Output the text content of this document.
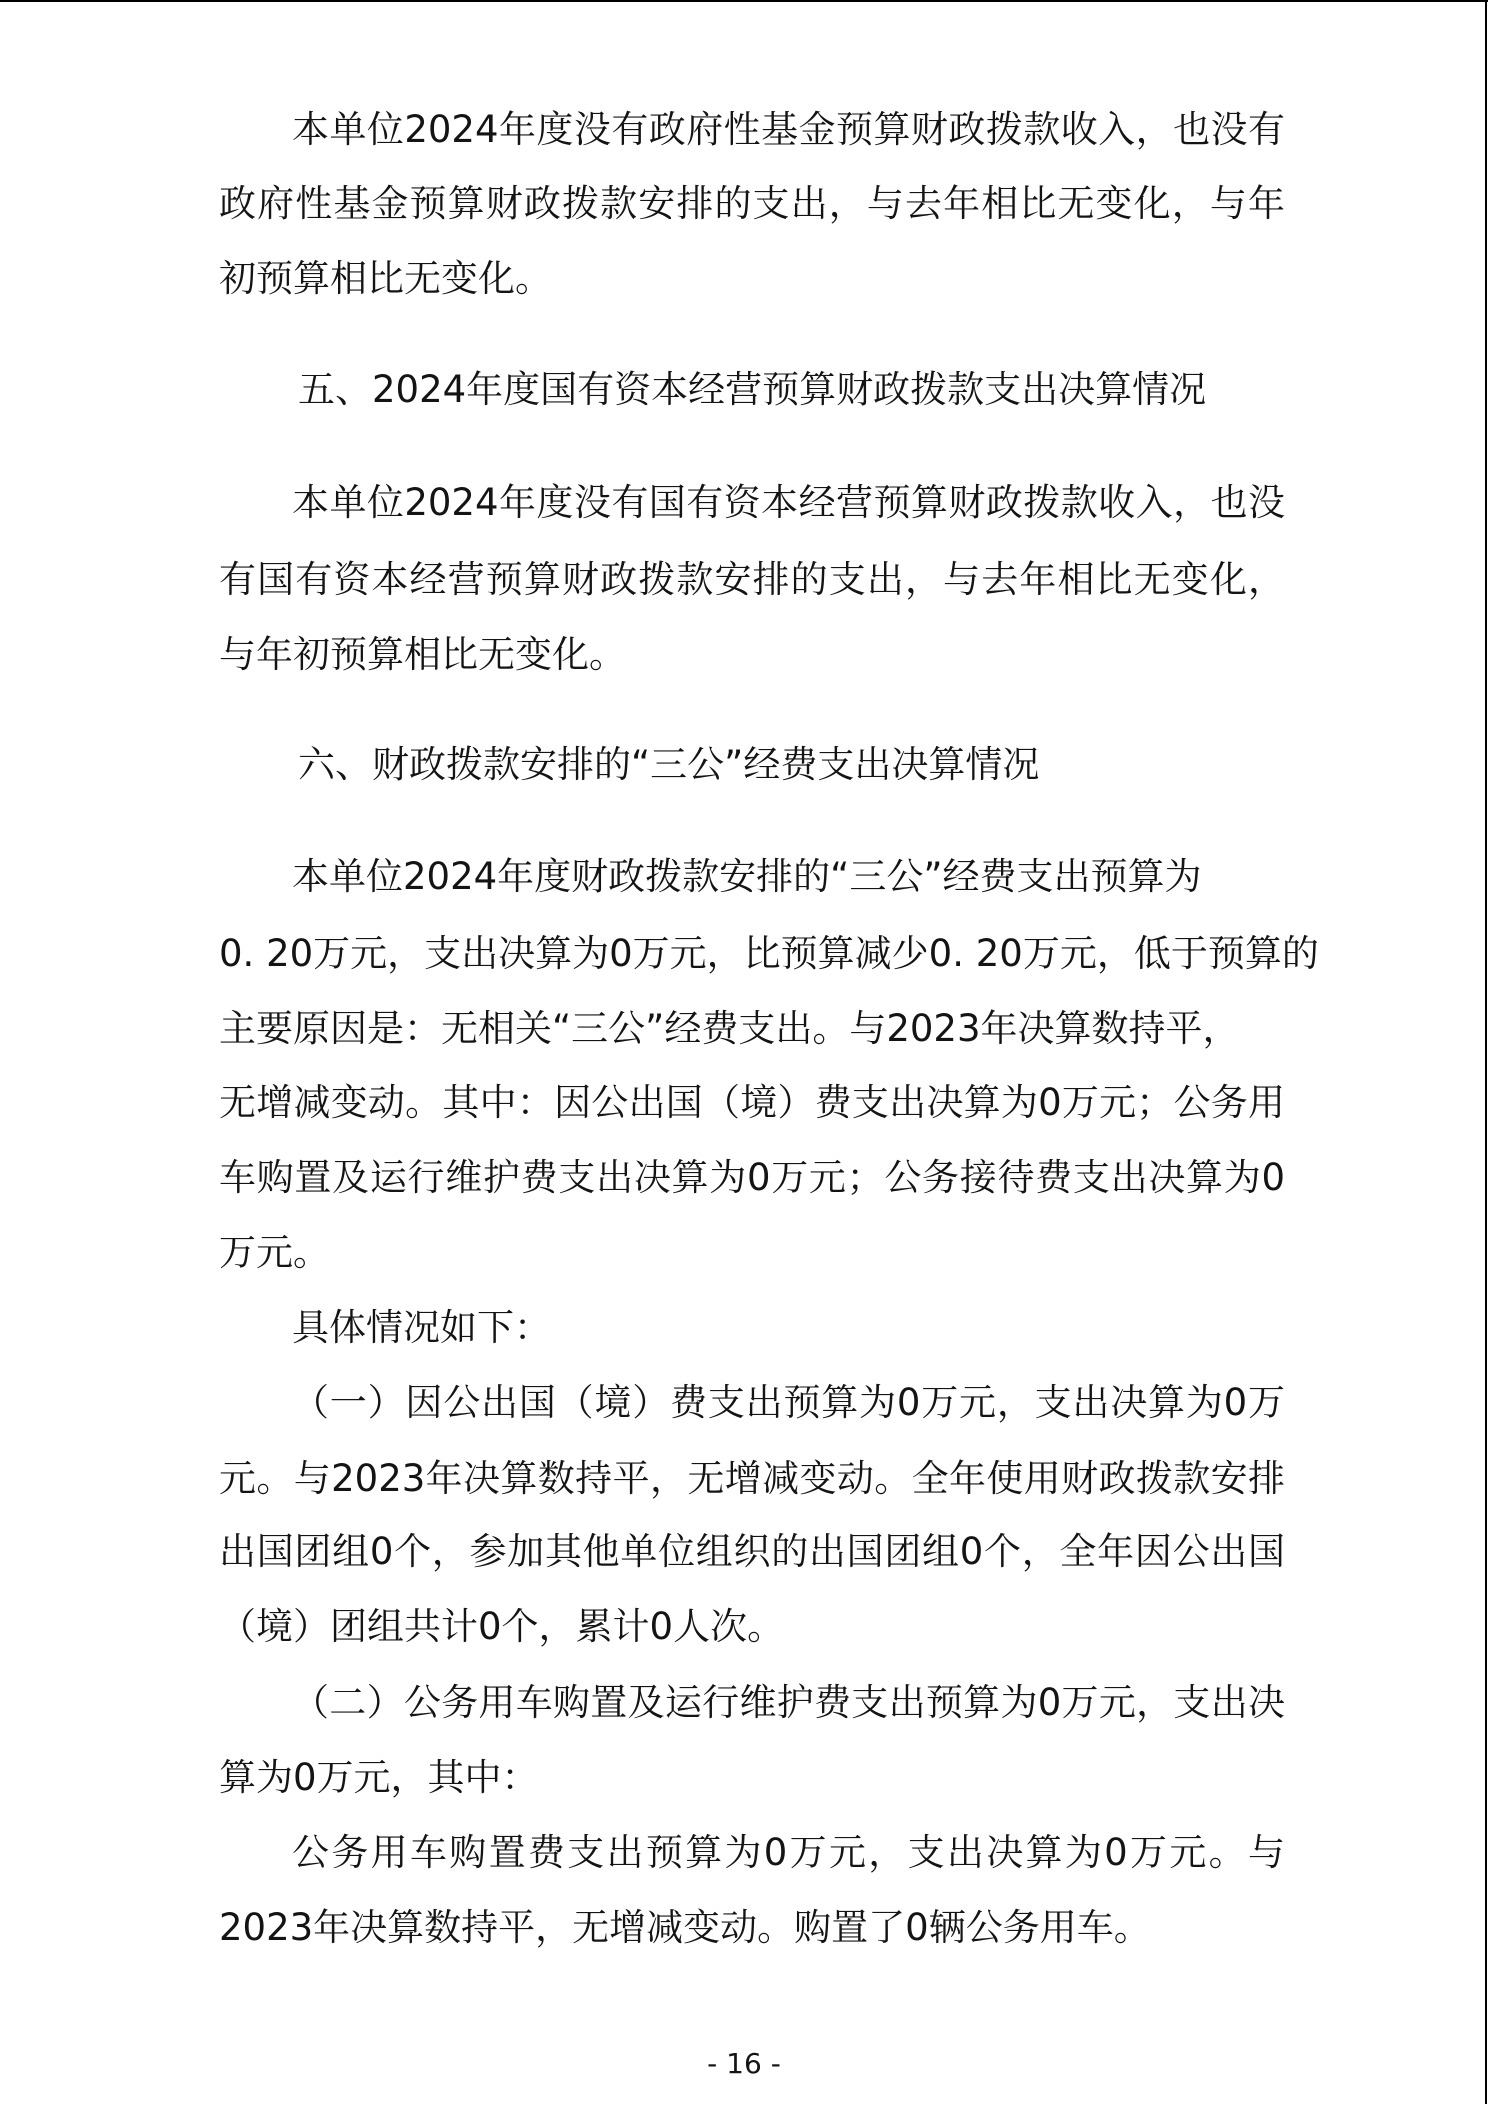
本单位2024年度没有政府性基金预算财政拨款收入，也没有
政府性基金预算财政拨款安排的支出，与去年相比无变化，与年
初预算相比无变化。
五、2024年度国有资本经营预算财政拨款支出决算情况
本单位2024年度没有国有资本经营预算财政拨款收入，也没
有国有资本经营预算财政拨款安排的支出，与去年相比无变化，
与年初预算相比无变化。
六、财政拨款安排的“三公”经费支出决算情况
本单位2024年度财政拨款安排的“三公”经费支出预算为
0. 20万元，支出决算为0万元，比预算减少0. 20万元，低于预算的
主要原因是：无相关“三公”经费支出。与2023年决算数持平，
无增减变动。其中：因公出国（境）费支出决算为0万元；公务用
车购置及运行维护费支出决算为0万元；公务接待费支出决算为0
万元。
具体情况如下：
（一）因公出国（境）费支出预算为0万元，支出决算为0万
元。与2023年决算数持平，无增减变动。全年使用财政拨款安排
出国团组0个，参加其他单位组织的出国团组0个，全年因公出国
（境）团组共计0个，累计0人次。
（二）公务用车购置及运行维护费支出预算为0万元，支出决
算为0万元，其中：
公务用车购置费支出预算为0万元，支出决算为0万元。与
2023年决算数持平，无增减变动。购置了0辆公务用车。
- 16 -
